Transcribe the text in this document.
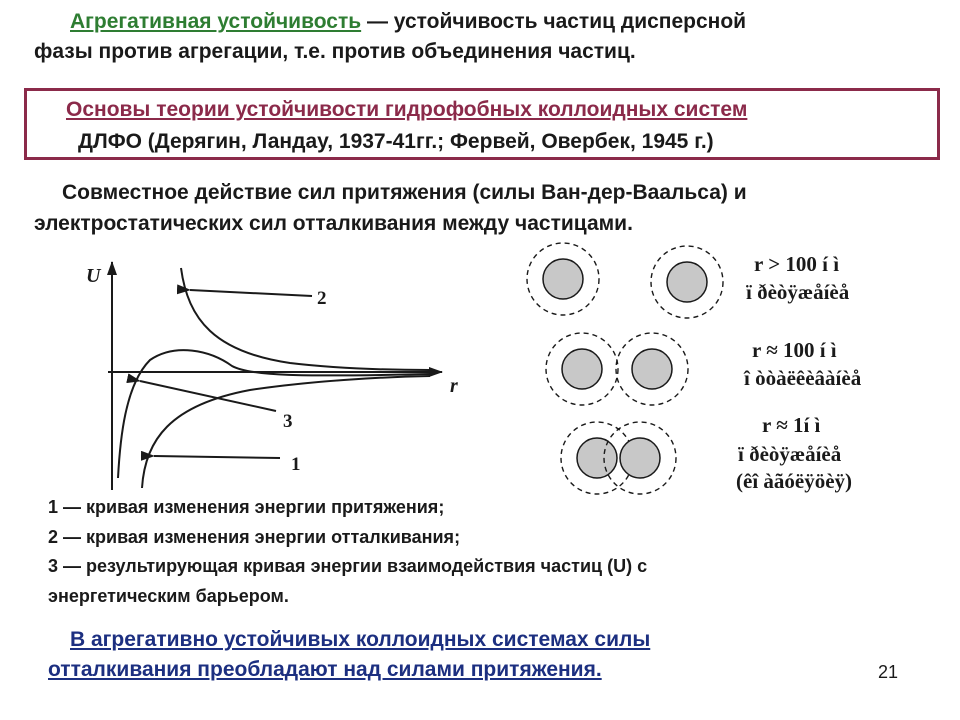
Агрегативная устойчивость — устойчивость частиц дисперсной
фазы против агрегации, т.е. против объединения частиц.
Основы теории устойчивости гидрофобных коллоидных систем
ДЛФО (Дерягин, Ландау, 1937-41гг.; Фервей, Овербек, 1945 г.)
Совместное действие сил притяжения (силы Ван-дер-Ваальса) и
электростатических сил отталкивания между частицами.
U
r
2
3
1
r > 100 í ì
ï ðèòÿæåíèå
r ≈ 100 í ì
î òòàëêèâàíèå
r ≈ 1í ì
ï ðèòÿæåíèå
(êî àãóëÿöèÿ)
1 — кривая изменения энергии притяжения;
2 — кривая изменения энергии отталкивания;
3 — результирующая кривая энергии взаимодействия частиц (U) с
энергетическим барьером.
В агрегативно устойчивых коллоидных системах силы
отталкивания преобладают над силами притяжения.	21
